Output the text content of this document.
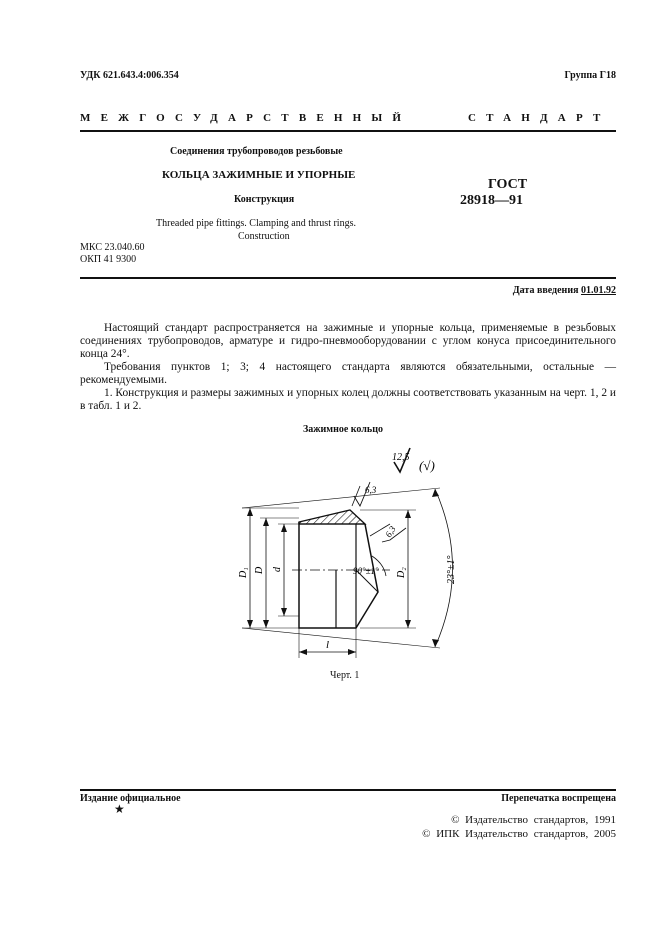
УДК 621.643.4:006.354	Группа Г18
МЕЖГОСУДАРСТВЕННЫЙ	СТАНДАРТ
Соединения трубопроводов резьбовые
КОЛЬЦА ЗАЖИМНЫЕ И УПОРНЫЕ
Конструкция
Threaded pipe fittings. Clamping and thrust rings.
Construction
ГОСТ
28918—91
МКС 23.040.60
ОКП 41 9300
Дата введения 01.01.92

Настоящий стандарт распространяется на зажимные и упорные кольца, применяемые в резьбовых соединениях трубопроводов, арматуре и гидро-пневмооборудовании с углом конуса присоединительного конца 24°.

Требования пунктов 1; 3; 4 настоящего стандарта являются обязательными, остальные — рекомендуемыми.

1. Конструкция и размеры зажимных и упорных колец должны соответствовать указанным на черт. 1, 2 и в табл. 1 и 2.

Зажимное кольцо
12,5
(√)
6,3
6,3
D₁ D d	D₂	23°±1°
90°±1°
l
Черт. 1
Издание официальное	Перепечатка воспрещена
★
© Издательство стандартов, 1991
© ИПК Издательство стандартов, 2005
